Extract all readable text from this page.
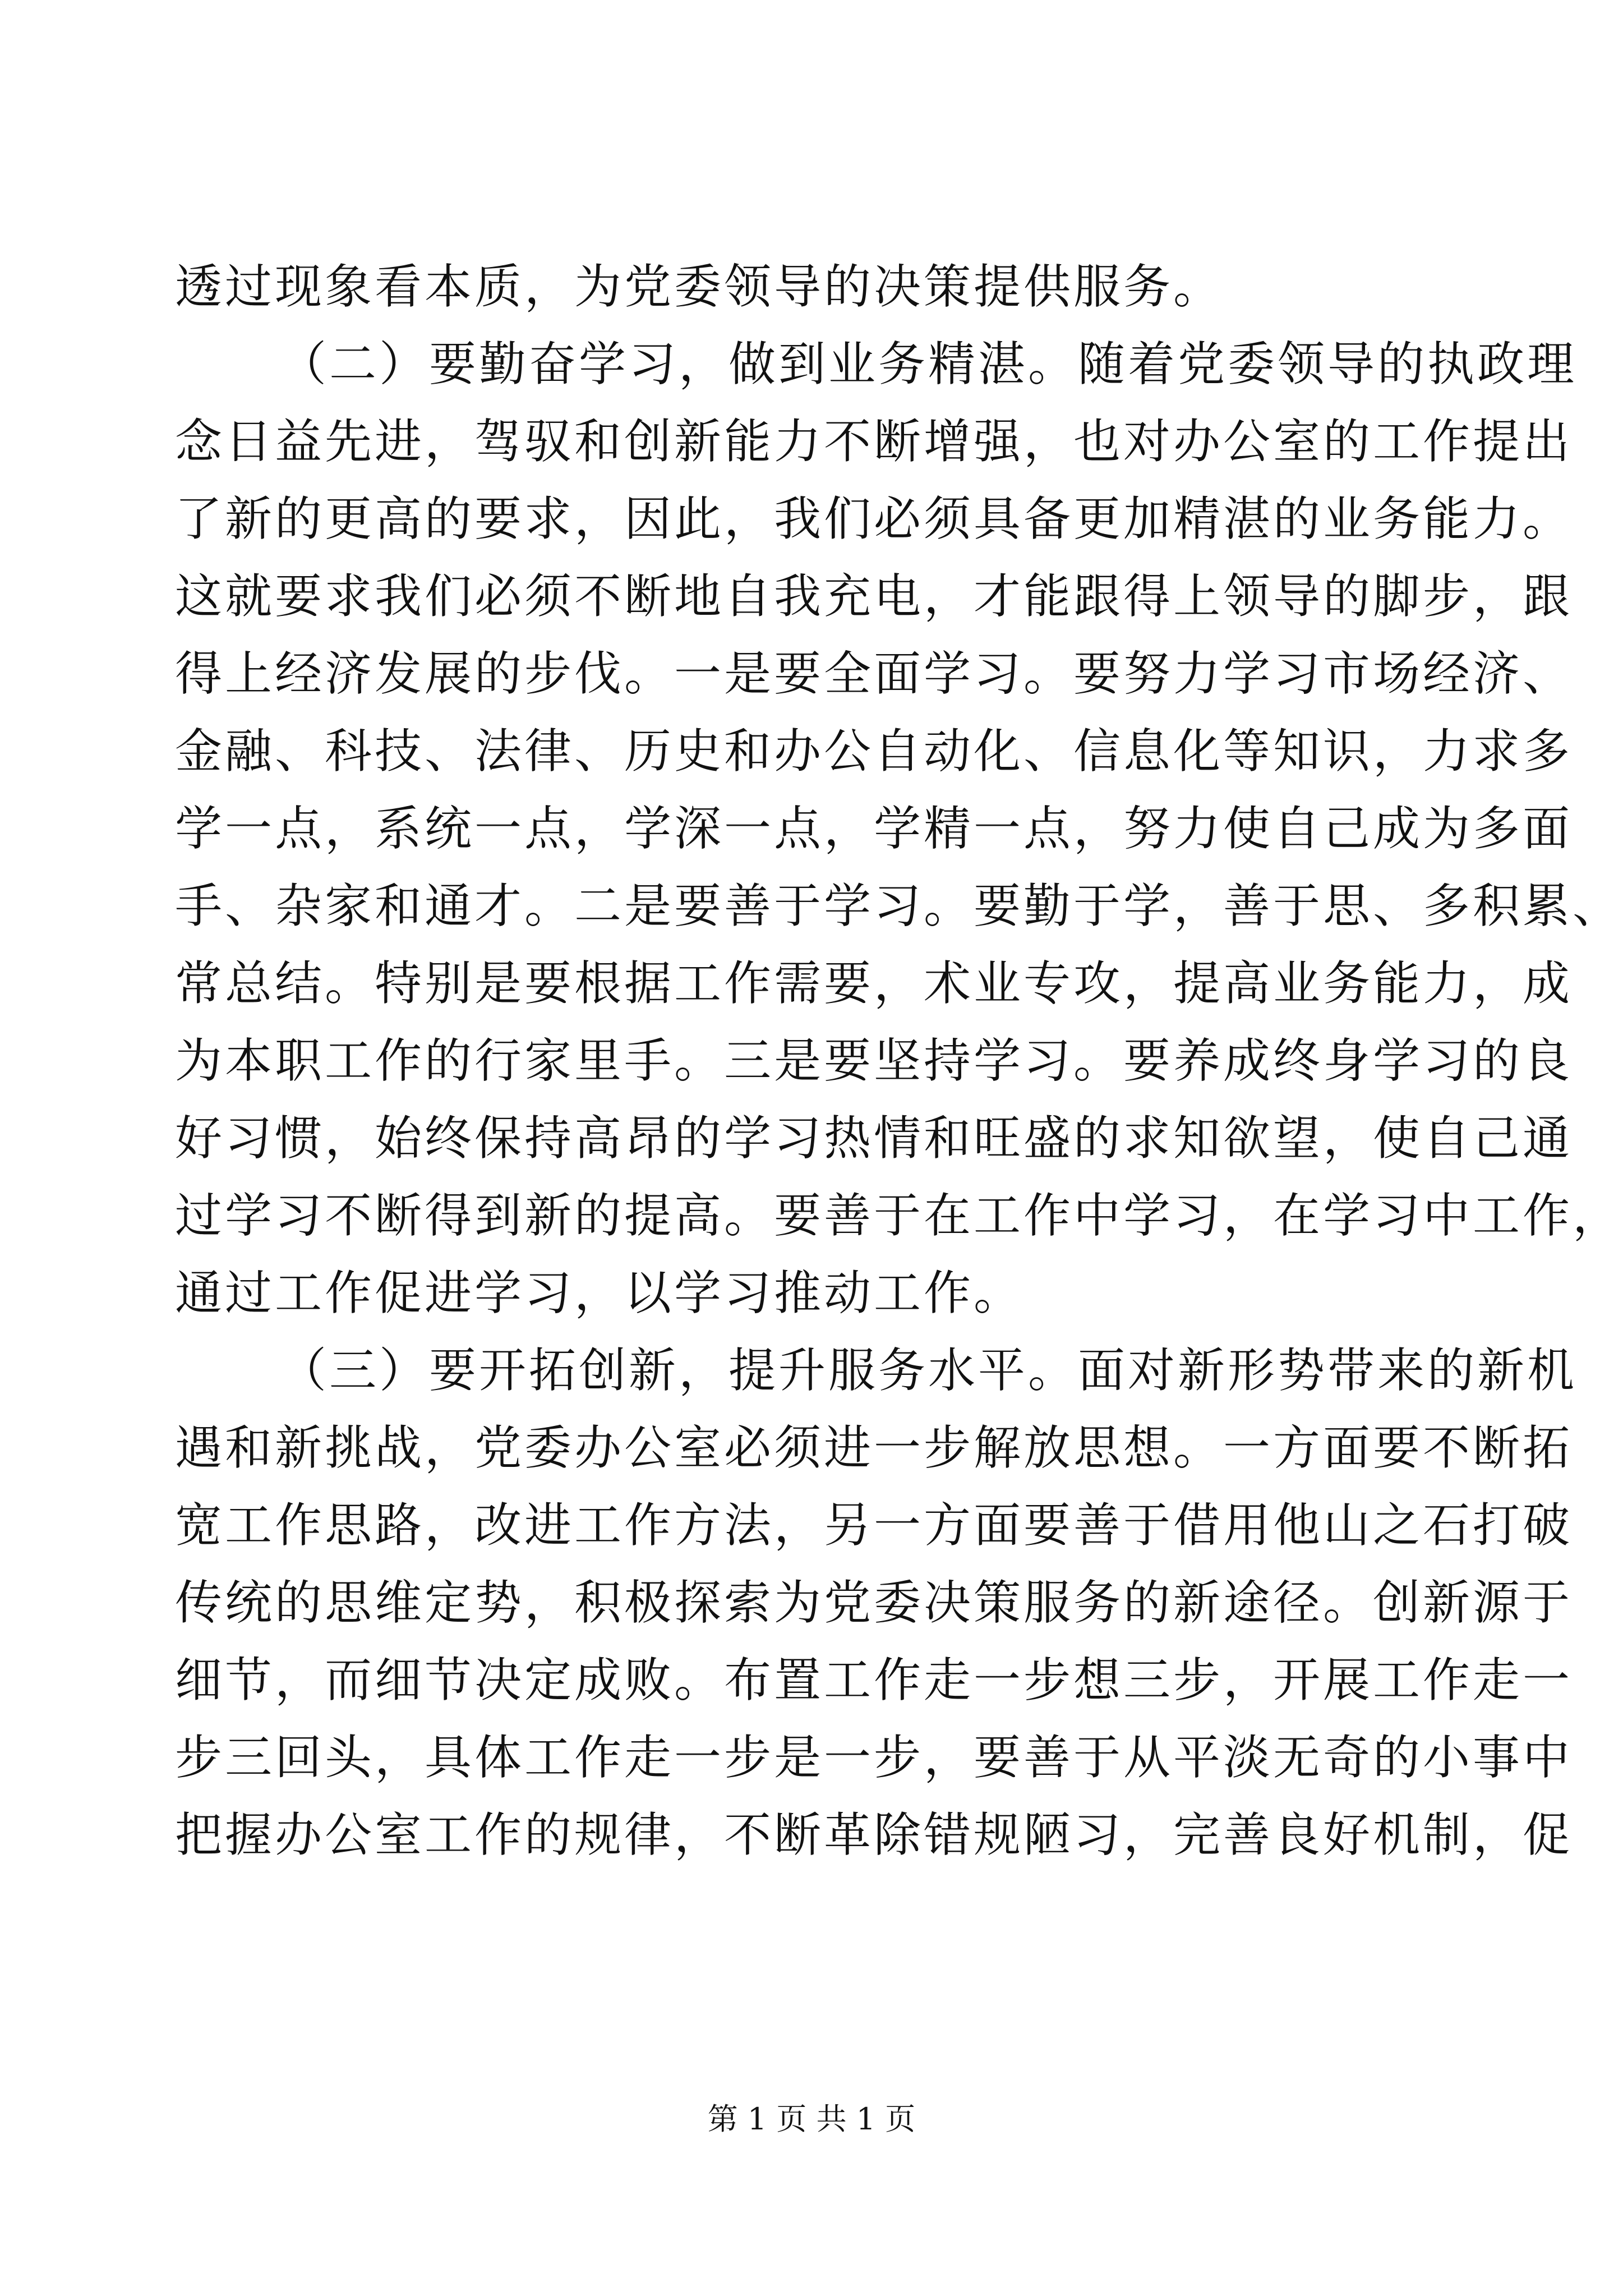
透过现象看本质，为党委领导的决策提供服务。
（二）要勤奋学习，做到业务精湛。随着党委领导的执政理
念日益先进，驾驭和创新能力不断增强，也对办公室的工作提出
了新的更高的要求，因此，我们必须具备更加精湛的业务能力。
这就要求我们必须不断地自我充电，才能跟得上领导的脚步，跟
得上经济发展的步伐。一是要全面学习。要努力学习市场经济、
金融、科技、法律、历史和办公自动化、信息化等知识，力求多
学一点，系统一点，学深一点，学精一点，努力使自己成为多面
手、杂家和通才。二是要善于学习。要勤于学，善于思、多积累、
常总结。特别是要根据工作需要，术业专攻，提高业务能力，成
为本职工作的行家里手。三是要坚持学习。要养成终身学习的良
好习惯，始终保持高昂的学习热情和旺盛的求知欲望，使自己通
过学习不断得到新的提高。要善于在工作中学习，在学习中工作，
通过工作促进学习，以学习推动工作。
（三）要开拓创新，提升服务水平。面对新形势带来的新机
遇和新挑战，党委办公室必须进一步解放思想。一方面要不断拓
宽工作思路，改进工作方法，另一方面要善于借用他山之石打破
传统的思维定势，积极探索为党委决策服务的新途径。创新源于
细节，而细节决定成败。布置工作走一步想三步，开展工作走一
步三回头，具体工作走一步是一步，要善于从平淡无奇的小事中
把握办公室工作的规律，不断革除错规陋习，完善良好机制，促
第 1 页 共 1 页
